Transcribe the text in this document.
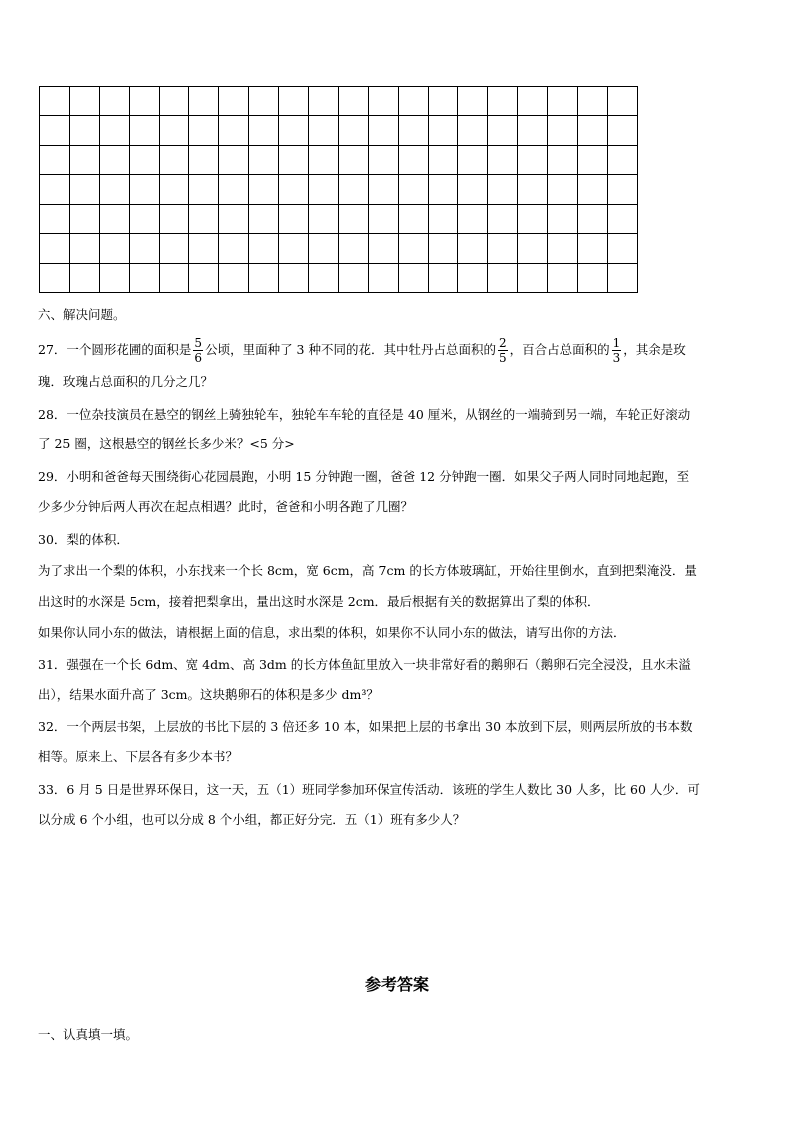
六、解决问题。
27．一个圆形花圃的面积是 $\frac{5}{6}$ 公顷，里面种了 3 种不同的花．其中牡丹占总面积的 $\frac{2}{5}$ ，百合占总面积的 $\frac{1}{3}$ ，其余是玫
瑰．玫瑰占总面积的几分之几？
28．一位杂技演员在悬空的钢丝上骑独轮车，独轮车车轮的直径是 40 厘米，从钢丝的一端骑到另一端，车轮正好滚动
了 25 圈，这根悬空的钢丝长多少米？<5 分>
29．小明和爸爸每天围绕街心花园晨跑，小明 15 分钟跑一圈，爸爸 12 分钟跑一圈．如果父子两人同时同地起跑，至
少多少分钟后两人再次在起点相遇？此时，爸爸和小明各跑了几圈？
30．梨的体积．
为了求出一个梨的体积，小东找来一个长 8cm，宽 6cm，高 7cm 的长方体玻璃缸，开始往里倒水，直到把梨淹没．量
出这时的水深是 5cm，接着把梨拿出，量出这时水深是 2cm．最后根据有关的数据算出了梨的体积．
如果你认同小东的做法，请根据上面的信息，求出梨的体积，如果你不认同小东的做法，请写出你的方法．
31．强强在一个长 6dm、宽 4dm、高 3dm 的长方体鱼缸里放入一块非常好看的鹅卵石（鹅卵石完全浸没，且水未溢
出），结果水面升高了 3cm。这块鹅卵石的体积是多少 dm³？
32．一个两层书架，上层放的书比下层的 3 倍还多 10 本，如果把上层的书拿出 30 本放到下层，则两层所放的书本数
相等。原来上、下层各有多少本书？
33．6 月 5 日是世界环保日，这一天，五（1）班同学参加环保宣传活动．该班的学生人数比 30 人多，比 60 人少．可
以分成 6 个小组，也可以分成 8 个小组，都正好分完．五（1）班有多少人？
参考答案
一、认真填一填。
